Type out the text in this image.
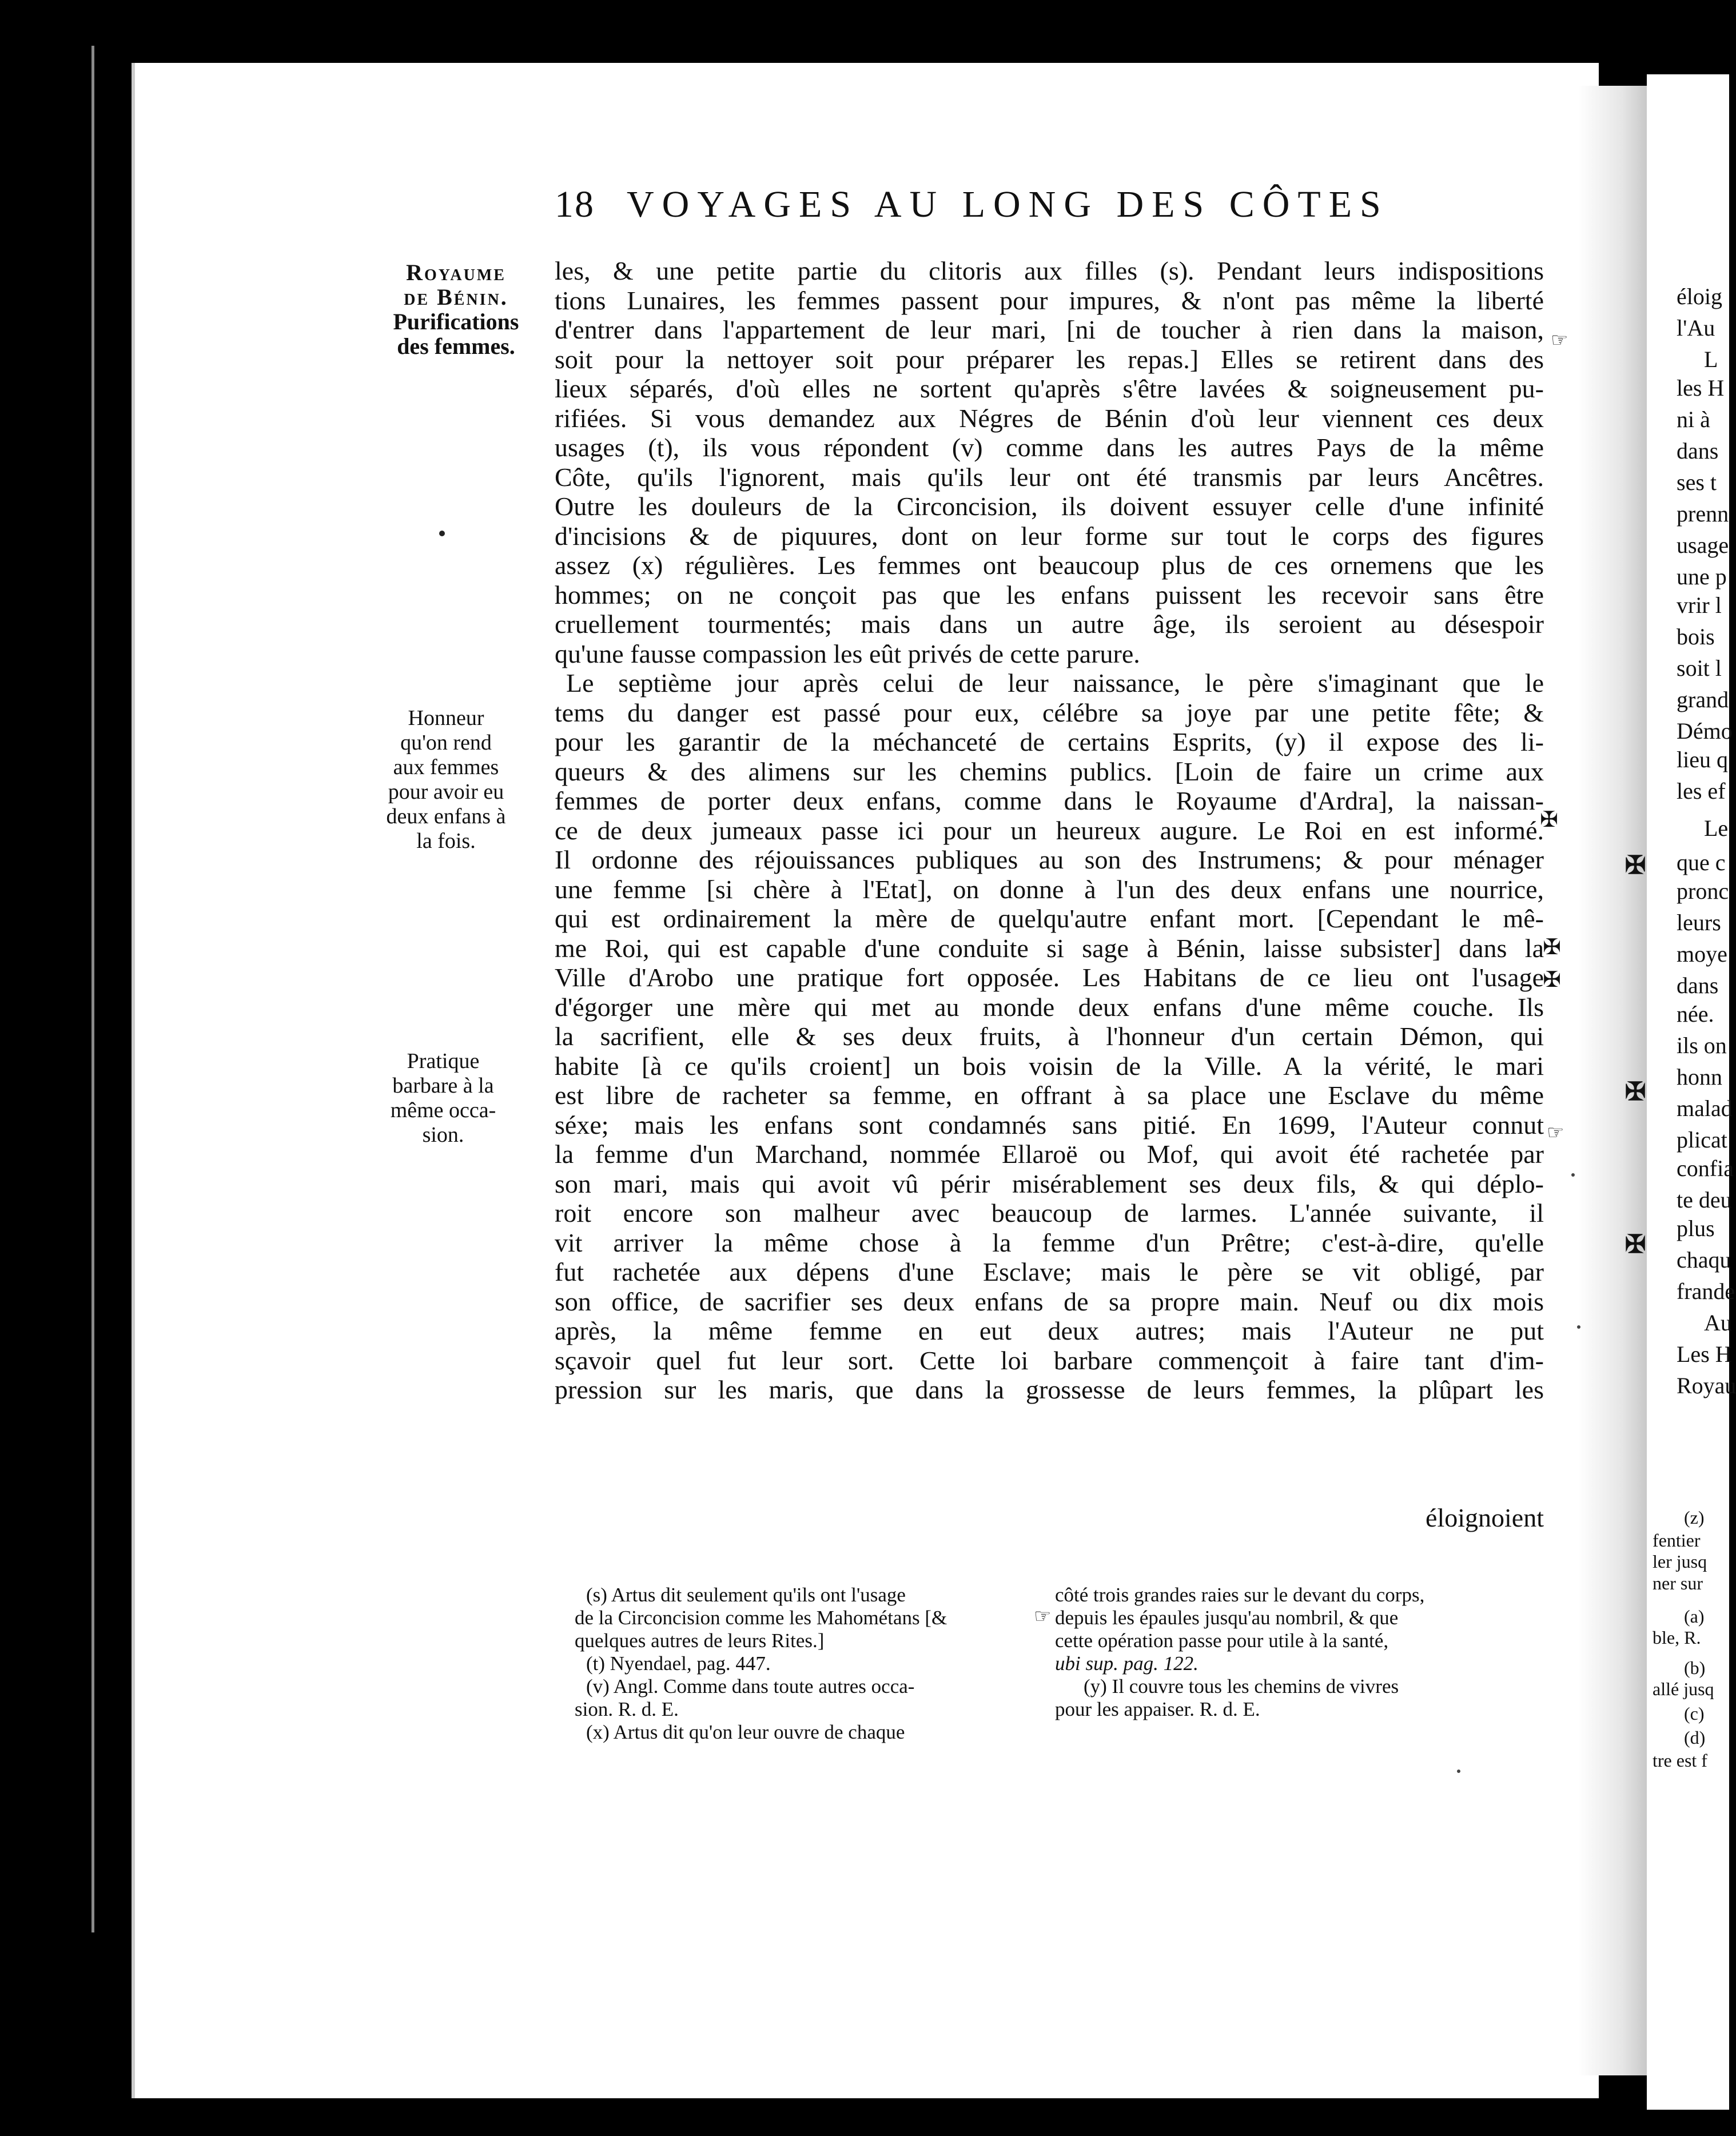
18 VOYAGES AU LONG DES CÔTES
Royaume
de Bénin.
Purifications
des femmes.
Honneur
qu'on rend
aux femmes
pour avoir eu
deux enfans à
la fois.
Pratique
barbare à la
même occa-
sion.
les, & une petite partie du clitoris aux filles (s). Pendant leurs indispositions
tions Lunaires, les femmes passent pour impures, & n'ont pas même la liberté
d'entrer dans l'appartement de leur mari, [ni de toucher à rien dans la maison,
soit pour la nettoyer soit pour préparer les repas.] Elles se retirent dans des
lieux séparés, d'où elles ne sortent qu'après s'être lavées & soigneusement pu-
rifiées. Si vous demandez aux Négres de Bénin d'où leur viennent ces deux
usages (t), ils vous répondent (v) comme dans les autres Pays de la même
Côte, qu'ils l'ignorent, mais qu'ils leur ont été transmis par leurs Ancêtres.
Outre les douleurs de la Circoncision, ils doivent essuyer celle d'une infinité
d'incisions & de piquures, dont on leur forme sur tout le corps des figures
assez (x) régulières. Les femmes ont beaucoup plus de ces ornemens que les
hommes; on ne conçoit pas que les enfans puissent les recevoir sans être
cruellement tourmentés; mais dans un autre âge, ils seroient au désespoir
qu'une fausse compassion les eût privés de cette parure.
Le septième jour après celui de leur naissance, le père s'imaginant que le
tems du danger est passé pour eux, célébre sa joye par une petite fête; &
pour les garantir de la méchanceté de certains Esprits, (y) il expose des li-
queurs & des alimens sur les chemins publics. [Loin de faire un crime aux
femmes de porter deux enfans, comme dans le Royaume d'Ardra], la naissan-
ce de deux jumeaux passe ici pour un heureux augure. Le Roi en est informé.
Il ordonne des réjouissances publiques au son des Instrumens; & pour ménager
une femme [si chère à l'Etat], on donne à l'un des deux enfans une nourrice,
qui est ordinairement la mère de quelqu'autre enfant mort. [Cependant le mê-
me Roi, qui est capable d'une conduite si sage à Bénin, laisse subsister] dans la
Ville d'Arobo une pratique fort opposée. Les Habitans de ce lieu ont l'usage
d'égorger une mère qui met au monde deux enfans d'une même couche. Ils
la sacrifient, elle & ses deux fruits, à l'honneur d'un certain Démon, qui
habite [à ce qu'ils croient] un bois voisin de la Ville. A la vérité, le mari
est libre de racheter sa femme, en offrant à sa place une Esclave du même
séxe; mais les enfans sont condamnés sans pitié. En 1699, l'Auteur connut
la femme d'un Marchand, nommée Ellaroë ou Mof, qui avoit été rachetée par
son mari, mais qui avoit vû périr misérablement ses deux fils, & qui déplo-
roit encore son malheur avec beaucoup de larmes. L'année suivante, il
vit arriver la même chose à la femme d'un Prêtre; c'est-à-dire, qu'elle
fut rachetée aux dépens d'une Esclave; mais le père se vit obligé, par
son office, de sacrifier ses deux enfans de sa propre main. Neuf ou dix mois
après, la même femme en eut deux autres; mais l'Auteur ne put
sçavoir quel fut leur sort. Cette loi barbare commençoit à faire tant d'im-
pression sur les maris, que dans la grossesse de leurs femmes, la plûpart les
éloignoient
(s) Artus dit seulement qu'ils ont l'usage
de la Circoncision comme les Mahométans [&
quelques autres de leurs Rites.]
(t) Nyendael, pag. 447.
(v) Angl. Comme dans toute autres occa-
sion. R. d. E.
(x) Artus dit qu'on leur ouvre de chaque
côté trois grandes raies sur le devant du corps,
depuis les épaules jusqu'au nombril, & que
cette opération passe pour utile à la santé,
ubi sup. pag. 122.
(y) Il couvre tous les chemins de vivres
pour les appaiser. R. d. E.
éloig
l'Au
L
les H
ni à
dans
ses t
prenn
usage
une p
vrir l
bois
soit l
grand
Démo
lieu q
les ef
Le
que c
pronc
leurs
moye
dans
née.
ils on
honn
malad
plicat
confia
te deu
plus
chaqu
frande
Au
Les H
Royau
(z)
fentier
ler jusq
ner sur
(a)
ble, R.
(b)
allé jusq
(c)
(d)
tre est f
☞
✠
✠
✠
☞
☞
✠
✠
✠
